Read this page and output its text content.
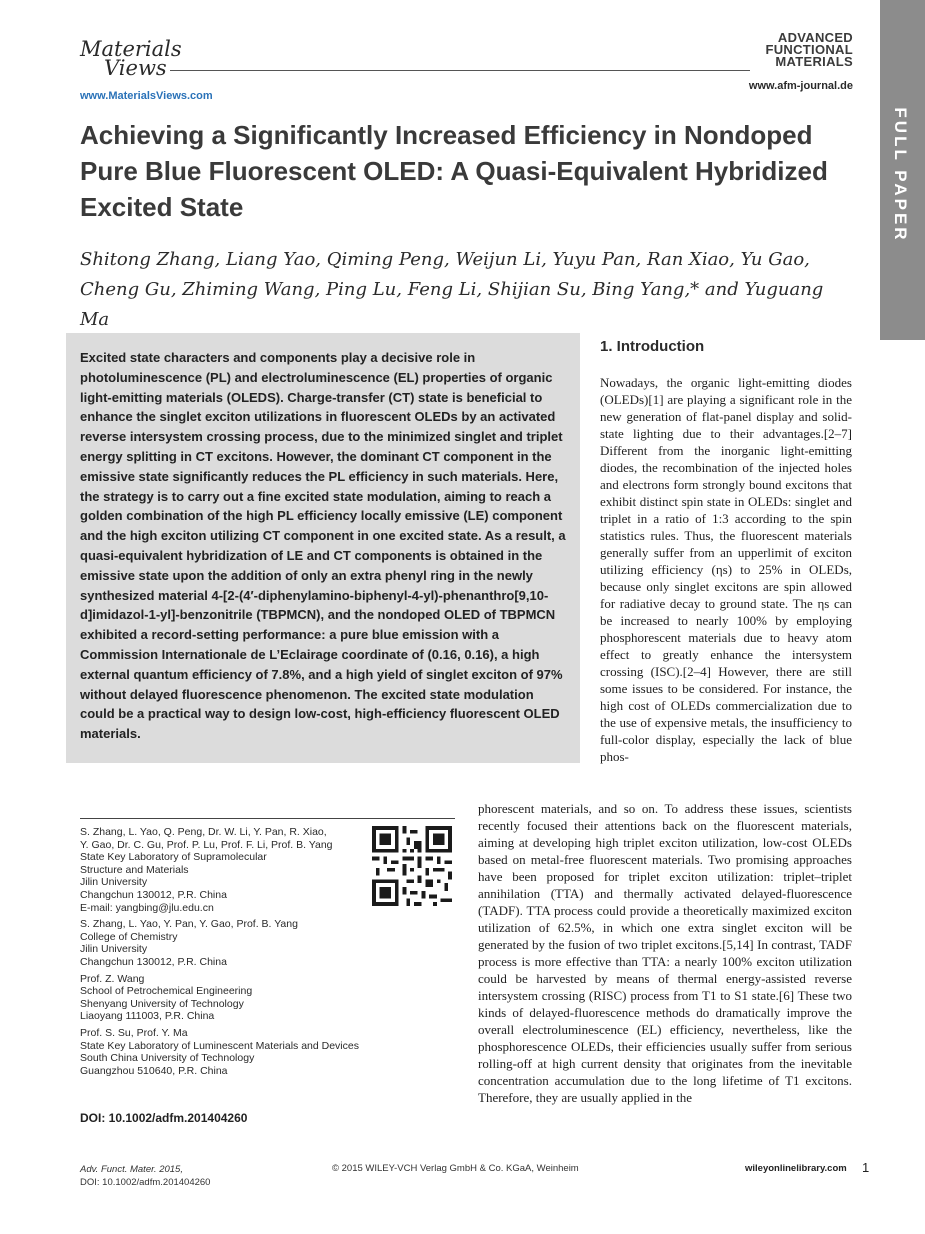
Materials
Views
www.MaterialsViews.com
ADVANCED
FUNCTIONAL
MATERIALS
www.afm-journal.de
FULL PAPER
Achieving a Significantly Increased Efficiency in Nondoped Pure Blue Fluorescent OLED: A Quasi-Equivalent Hybridized Excited State
Shitong Zhang, Liang Yao, Qiming Peng, Weijun Li, Yuyu Pan, Ran Xiao, Yu Gao, Cheng Gu, Zhiming Wang, Ping Lu, Feng Li, Shijian Su, Bing Yang,* and Yuguang Ma
Excited state characters and components play a decisive role in photoluminescence (PL) and electroluminescence (EL) properties of organic light-emitting materials (OLEDS). Charge-transfer (CT) state is beneficial to enhance the singlet exciton utilizations in fluorescent OLEDs by an activated reverse intersystem crossing process, due to the minimized singlet and triplet energy splitting in CT excitons. However, the dominant CT component in the emissive state significantly reduces the PL efficiency in such materials. Here, the strategy is to carry out a fine excited state modulation, aiming to reach a golden combination of the high PL efficiency locally emissive (LE) component and the high exciton utilizing CT component in one excited state. As a result, a quasi-equivalent hybridization of LE and CT components is obtained in the emissive state upon the addition of only an extra phenyl ring in the newly synthesized material 4-[2-(4′-diphenylamino-biphenyl-4-yl)-phenanthro[9,10-d]imidazol-1-yl]-benzonitrile (TBPMCN), and the nondoped OLED of TBPMCN exhibited a record-setting performance: a pure blue emission with a Commission Internationale de L’Eclairage coordinate of (0.16, 0.16), a high external quantum efficiency of 7.8%, and a high yield of singlet exciton of 97% without delayed fluorescence phenomenon. The excited state modulation could be a practical way to design low-cost, high-efficiency fluorescent OLED materials.
1. Introduction
Nowadays, the organic light-emitting diodes (OLEDs)[1] are playing a significant role in the new generation of flat-panel display and solid-state lighting due to their advantages.[2–7] Different from the inorganic light-emitting diodes, the recombination of the injected holes and electrons form strongly bound excitons that exhibit distinct spin state in OLEDs: singlet and triplet in a ratio of 1:3 according to the spin statistics rules. Thus, the fluorescent materials generally suffer from an upperlimit of exciton utilizing efficiency (ηs) to 25% in OLEDs, because only singlet excitons are spin allowed for radiative decay to ground state. The ηs can be increased to nearly 100% by employing phosphorescent materials due to heavy atom effect to greatly enhance the intersystem crossing (ISC).[2–4] However, there are still some issues to be considered. For instance, the high cost of OLEDs commercialization due to the use of expensive metals, the insufficiency to full-color display, especially the lack of blue phos-
phorescent materials, and so on. To address these issues, scientists recently focused their attentions back on the fluorescent materials, aiming at developing high triplet exciton utilization, low-cost OLEDs based on metal-free fluorescent materials. Two promising approaches have been proposed for triplet exciton utilization: triplet–triplet annihilation (TTA) and thermally activated delayed-fluorescence (TADF). TTA process could provide a theoretically maximized exciton utilization of 62.5%, in which one extra singlet exciton will be generated by the fusion of two triplet excitons.[5,14] In contrast, TADF process is more effective than TTA: a nearly 100% exciton utilization could be harvested by means of thermal energy-assisted reverse intersystem crossing (RISC) process from T1 to S1 state.[6] These two kinds of delayed-fluorescence methods do dramatically improve the overall electroluminescence (EL) efficiency, nevertheless, like the phosphorescence OLEDs, their efficiencies usually suffer from serious rolling-off at high current density that originates from the inevitable concentration accumulation due to the long lifetime of T1 excitons. Therefore, they are usually applied in the
S. Zhang, L. Yao, Q. Peng, Dr. W. Li, Y. Pan, R. Xiao,
Y. Gao, Dr. C. Gu, Prof. P. Lu, Prof. F. Li, Prof. B. Yang
State Key Laboratory of Supramolecular
Structure and Materials
Jilin University
Changchun 130012, P.R. China
E-mail: yangbing@jlu.edu.cn
S. Zhang, L. Yao, Y. Pan, Y. Gao, Prof. B. Yang
College of Chemistry
Jilin University
Changchun 130012, P.R. China
Prof. Z. Wang
School of Petrochemical Engineering
Shenyang University of Technology
Liaoyang 111003, P.R. China
Prof. S. Su, Prof. Y. Ma
State Key Laboratory of Luminescent Materials and Devices
South China University of Technology
Guangzhou 510640, P.R. China
DOI: 10.1002/adfm.201404260
Adv. Funct. Mater. 2015,
DOI: 10.1002/adfm.201404260
© 2015 WILEY-VCH Verlag GmbH & Co. KGaA, Weinheim	wileyonlinelibrary.com 1
